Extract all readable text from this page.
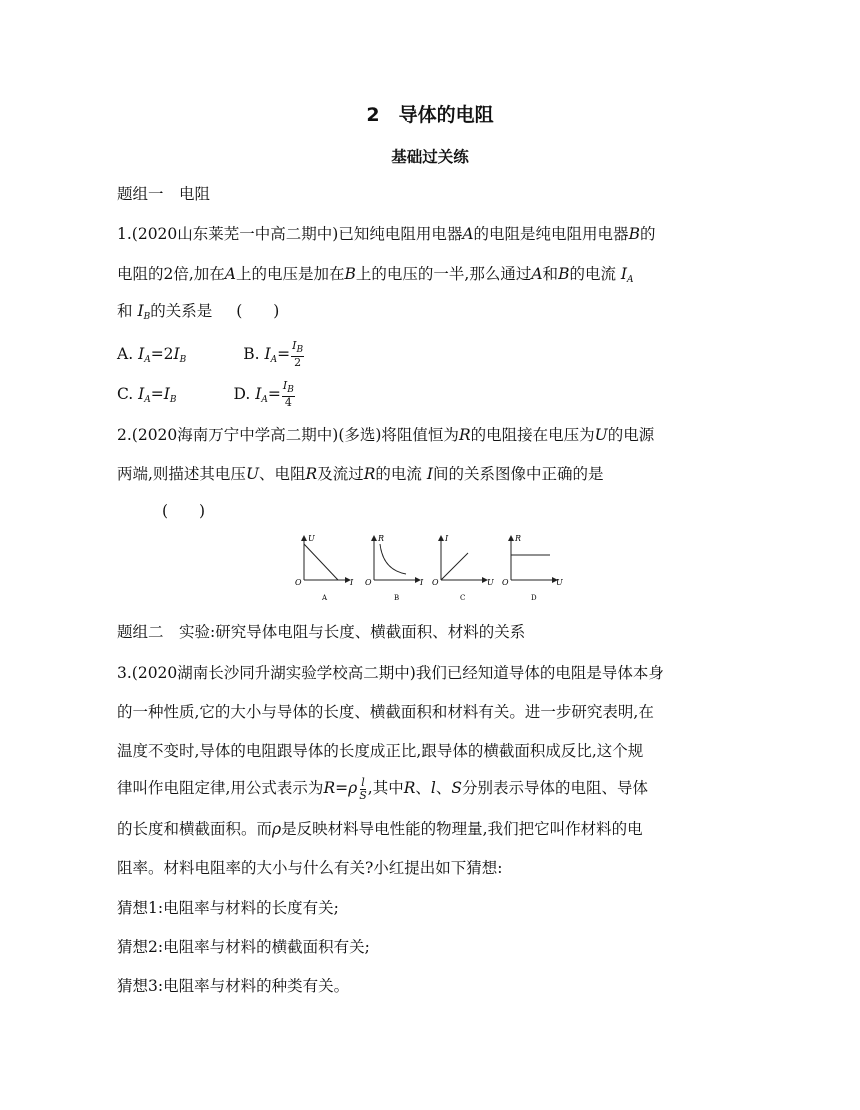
2　导体的电阻
基础过关练
题组一　电阻
1.(2020山东莱芜一中高二期中)已知纯电阻用电器A的电阻是纯电阻用电器B的
电阻的2倍,加在A上的电压是加在B上的电压的一半,那么通过A和B的电流 $I_A$
和 $I_B$的关系是 (　　)
A. $I_A=2I_B$	B. $I_A= \frac{I_B}{2}$
C. $I_A=I_B$	D. $I_A= \frac{I_B}{4}$
2.(2020海南万宁中学高二期中)(多选)将阻值恒为R的电阻接在电压为U的电源
两端,则描述其电压U、电阻R及流过R的电流 I间的关系图像中正确的是
(　　)
U
I
O
A
R
I
O
B
I
U
O
C
R
U
O
D
题组二　实验:研究导体电阻与长度、横截面积、材料的关系
3.(2020湖南长沙同升湖实验学校高二期中)我们已经知道导体的电阻是导体本身
的一种性质,它的大小与导体的长度、横截面积和材料有关。进一步研究表明,在
温度不变时,导体的电阻跟导体的长度成正比,跟导体的横截面积成反比,这个规
律叫作电阻定律,用公式表示为$R=\rho \frac{l}{S}$ ,其中R、l、S分别表示导体的电阻、导体
的长度和横截面积。而ρ是反映材料导电性能的物理量,我们把它叫作材料的电
阻率。材料电阻率的大小与什么有关?小红提出如下猜想:
猜想1:电阻率与材料的长度有关;
猜想2:电阻率与材料的横截面积有关;
猜想3:电阻率与材料的种类有关。
